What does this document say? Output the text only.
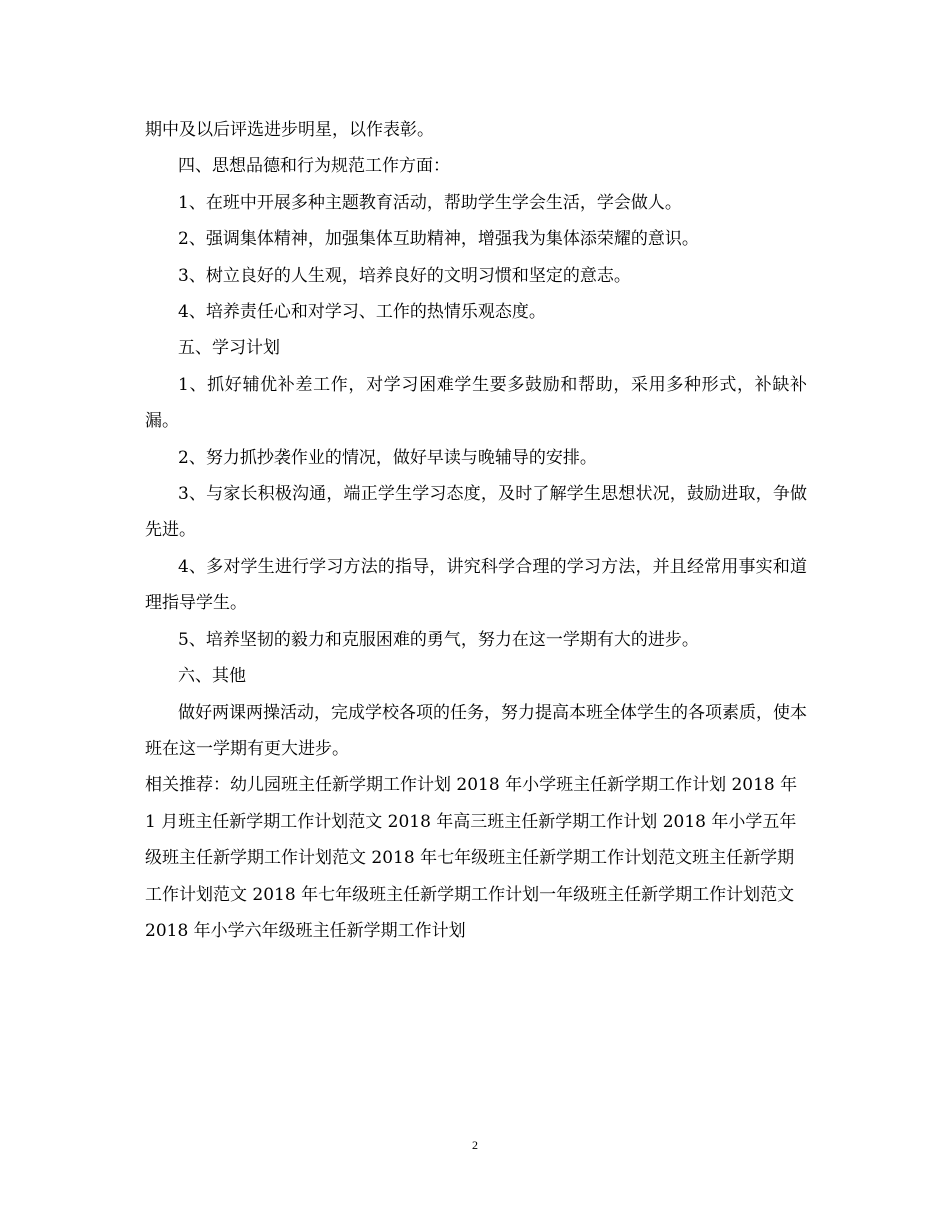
期中及以后评选进步明星，以作表彰。

四、思想品德和行为规范工作方面：

1、在班中开展多种主题教育活动，帮助学生学会生活，学会做人。

2、强调集体精神，加强集体互助精神，增强我为集体添荣耀的意识。

3、树立良好的人生观，培养良好的文明习惯和坚定的意志。

4、培养责任心和对学习、工作的热情乐观态度。

五、学习计划

1、抓好辅优补差工作，对学习困难学生要多鼓励和帮助，采用多种形式，补缺补漏。

2、努力抓抄袭作业的情况，做好早读与晚辅导的安排。

3、与家长积极沟通，端正学生学习态度，及时了解学生思想状况，鼓励进取，争做先进。

4、多对学生进行学习方法的指导，讲究科学合理的学习方法，并且经常用事实和道理指导学生。

5、培养坚韧的毅力和克服困难的勇气，努力在这一学期有大的进步。

六、其他

做好两课两操活动，完成学校各项的任务，努力提高本班全体学生的各项素质，使本班在这一学期有更大进步。

相关推荐：幼儿园班主任新学期工作计划 2018 年小学班主任新学期工作计划 2018 年 1 月班主任新学期工作计划范文 2018 年高三班主任新学期工作计划 2018 年小学五年级班主任新学期工作计划范文 2018 年七年级班主任新学期工作计划范文班主任新学期工作计划范文 2018 年七年级班主任新学期工作计划一年级班主任新学期工作计划范文 2018 年小学六年级班主任新学期工作计划

2
